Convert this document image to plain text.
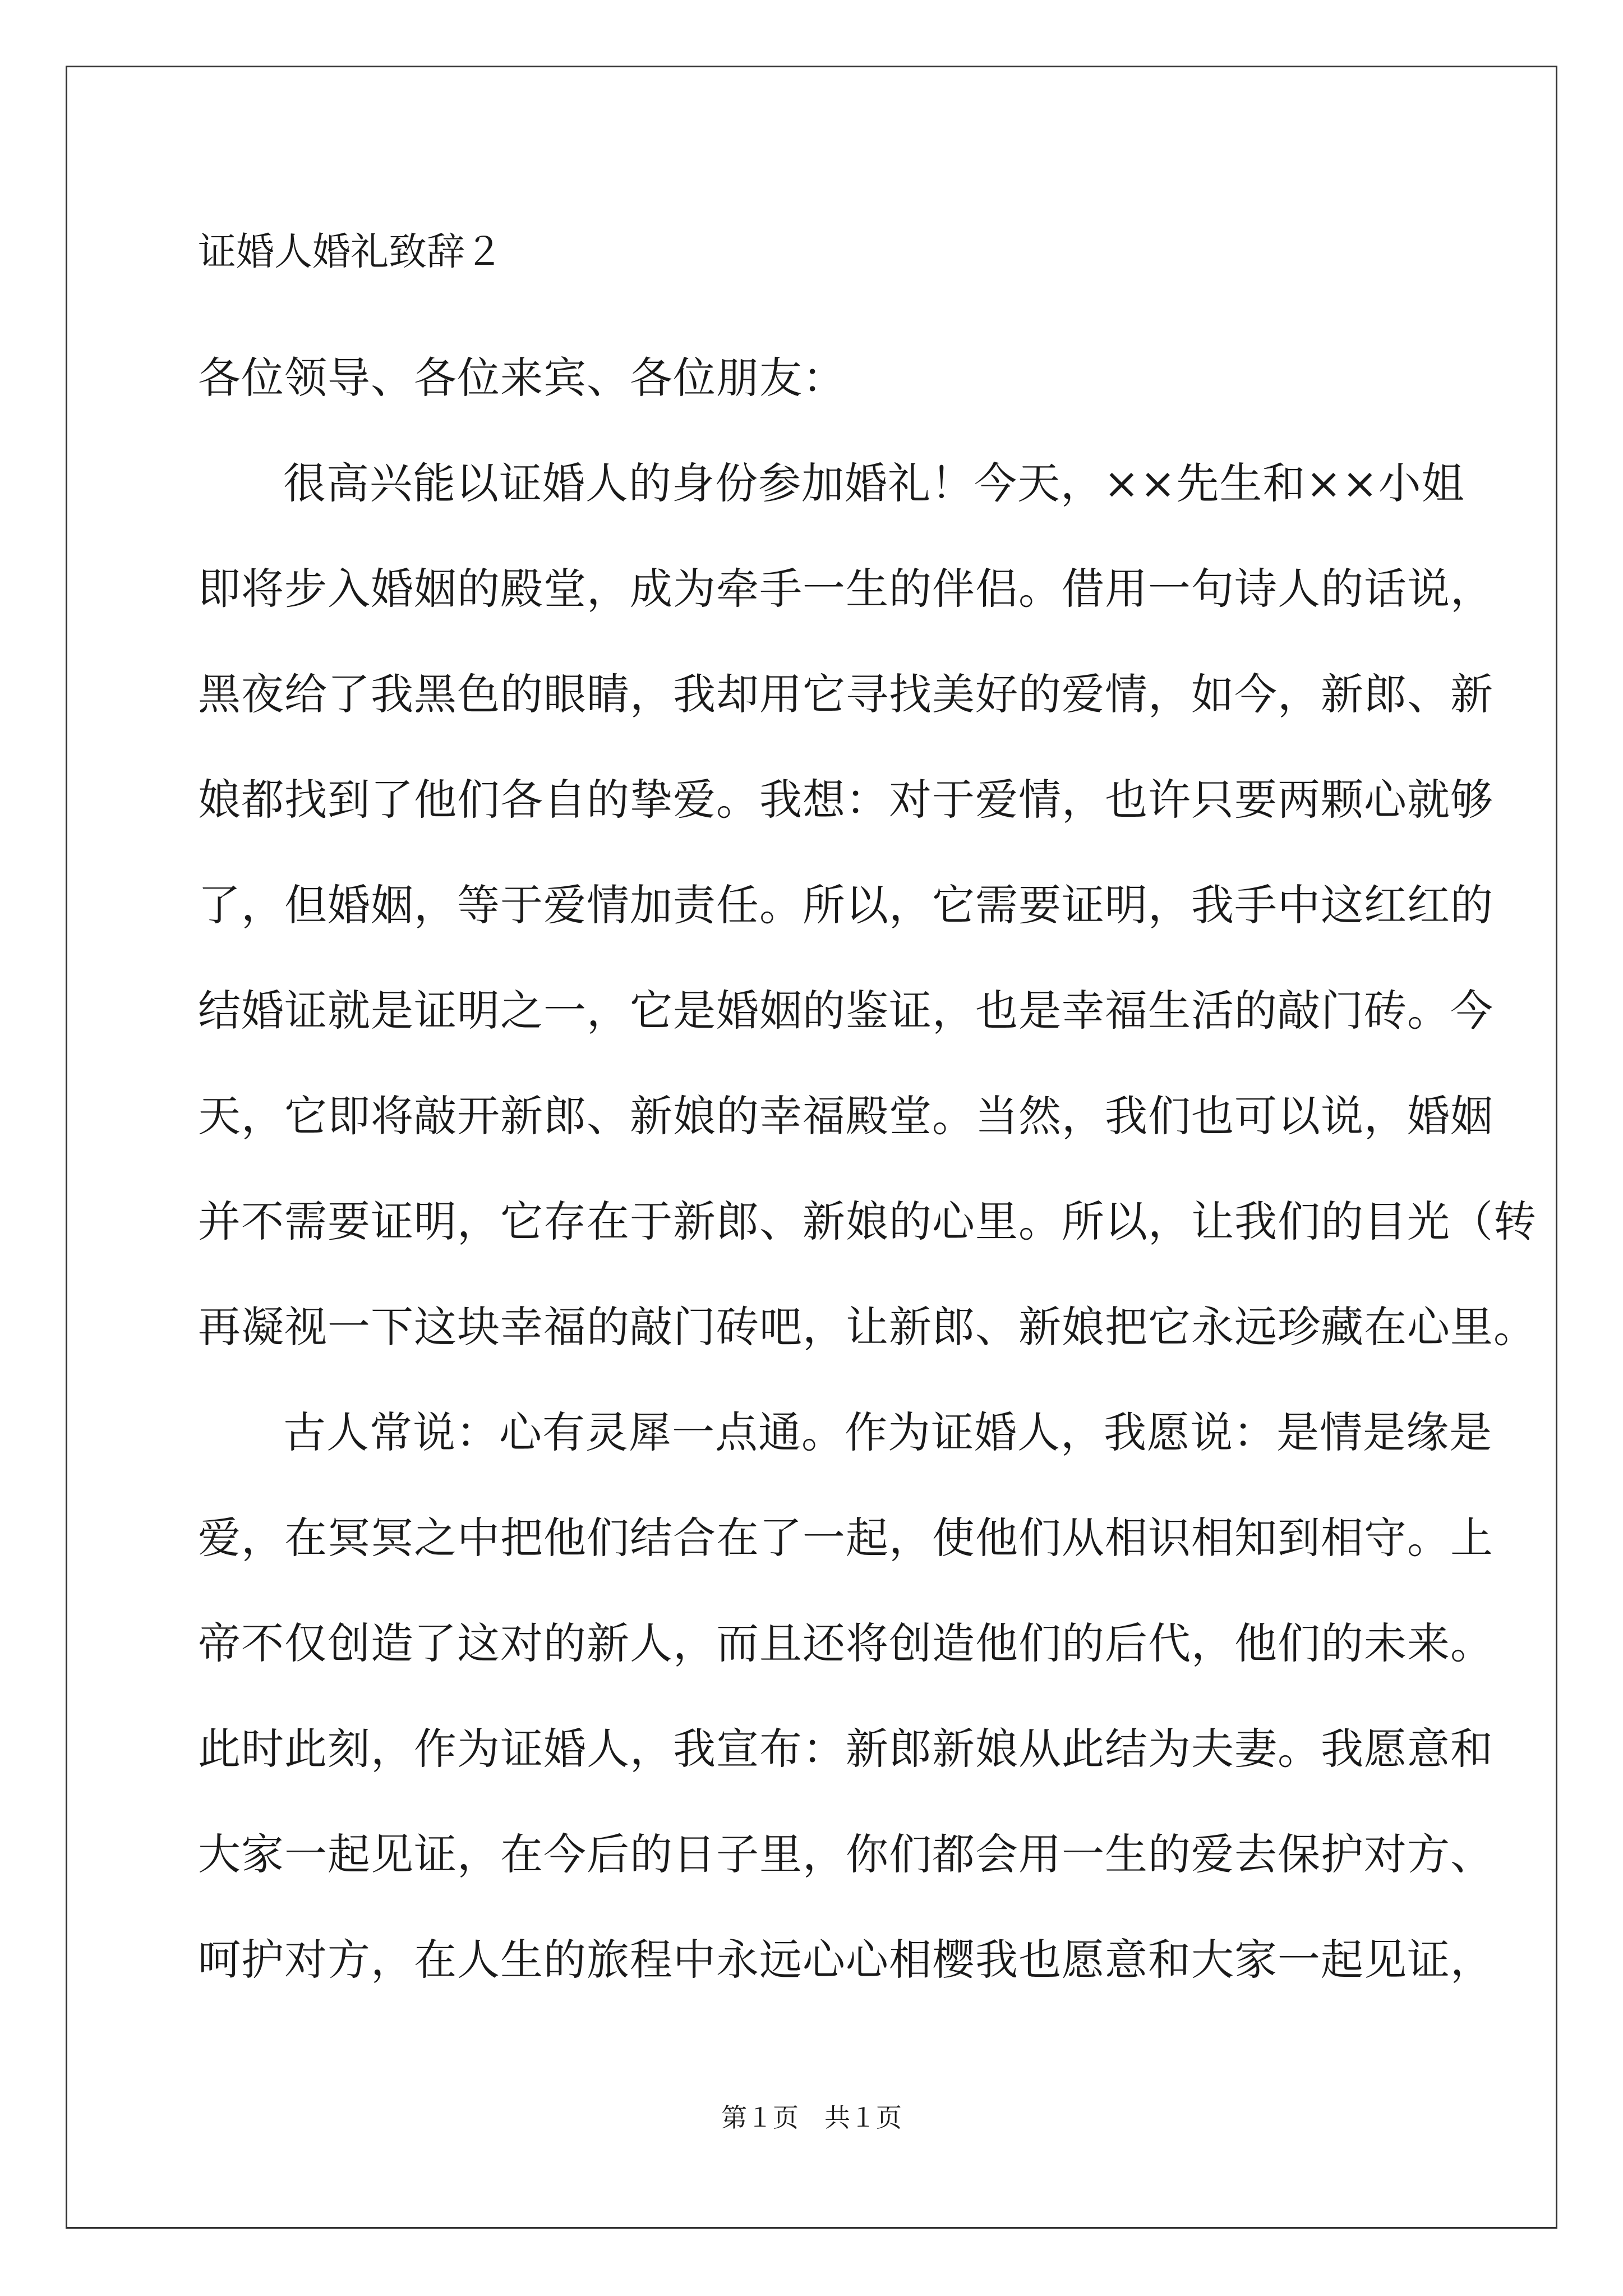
证婚人婚礼致辞２
各位领导、各位来宾、各位朋友：
很高兴能以证婚人的身份参加婚礼！今天，××先生和××小姐
即将步入婚姻的殿堂，成为牵手一生的伴侣。借用一句诗人的话说，
黑夜给了我黑色的眼睛，我却用它寻找美好的爱情，如今，新郎、新
娘都找到了他们各自的挚爱。我想：对于爱情，也许只要两颗心就够
了，但婚姻，等于爱情加责任。所以，它需要证明，我手中这红红的
结婚证就是证明之一，它是婚姻的鉴证，也是幸福生活的敲门砖。今
天，它即将敲开新郎、新娘的幸福殿堂。当然，我们也可以说，婚姻
并不需要证明，它存在于新郎、新娘的心里。所以，让我们的目光（转
再凝视一下这块幸福的敲门砖吧，让新郎、新娘把它永远珍藏在心里。
古人常说：心有灵犀一点通。作为证婚人，我愿说：是情是缘是
爱，在冥冥之中把他们结合在了一起，使他们从相识相知到相守。上
帝不仅创造了这对的新人，而且还将创造他们的后代，他们的未来。
此时此刻，作为证婚人，我宣布：新郎新娘从此结为夫妻。我愿意和
大家一起见证，在今后的日子里，你们都会用一生的爱去保护对方、
呵护对方，在人生的旅程中永远心心相樱我也愿意和大家一起见证，
第１页　共１页
